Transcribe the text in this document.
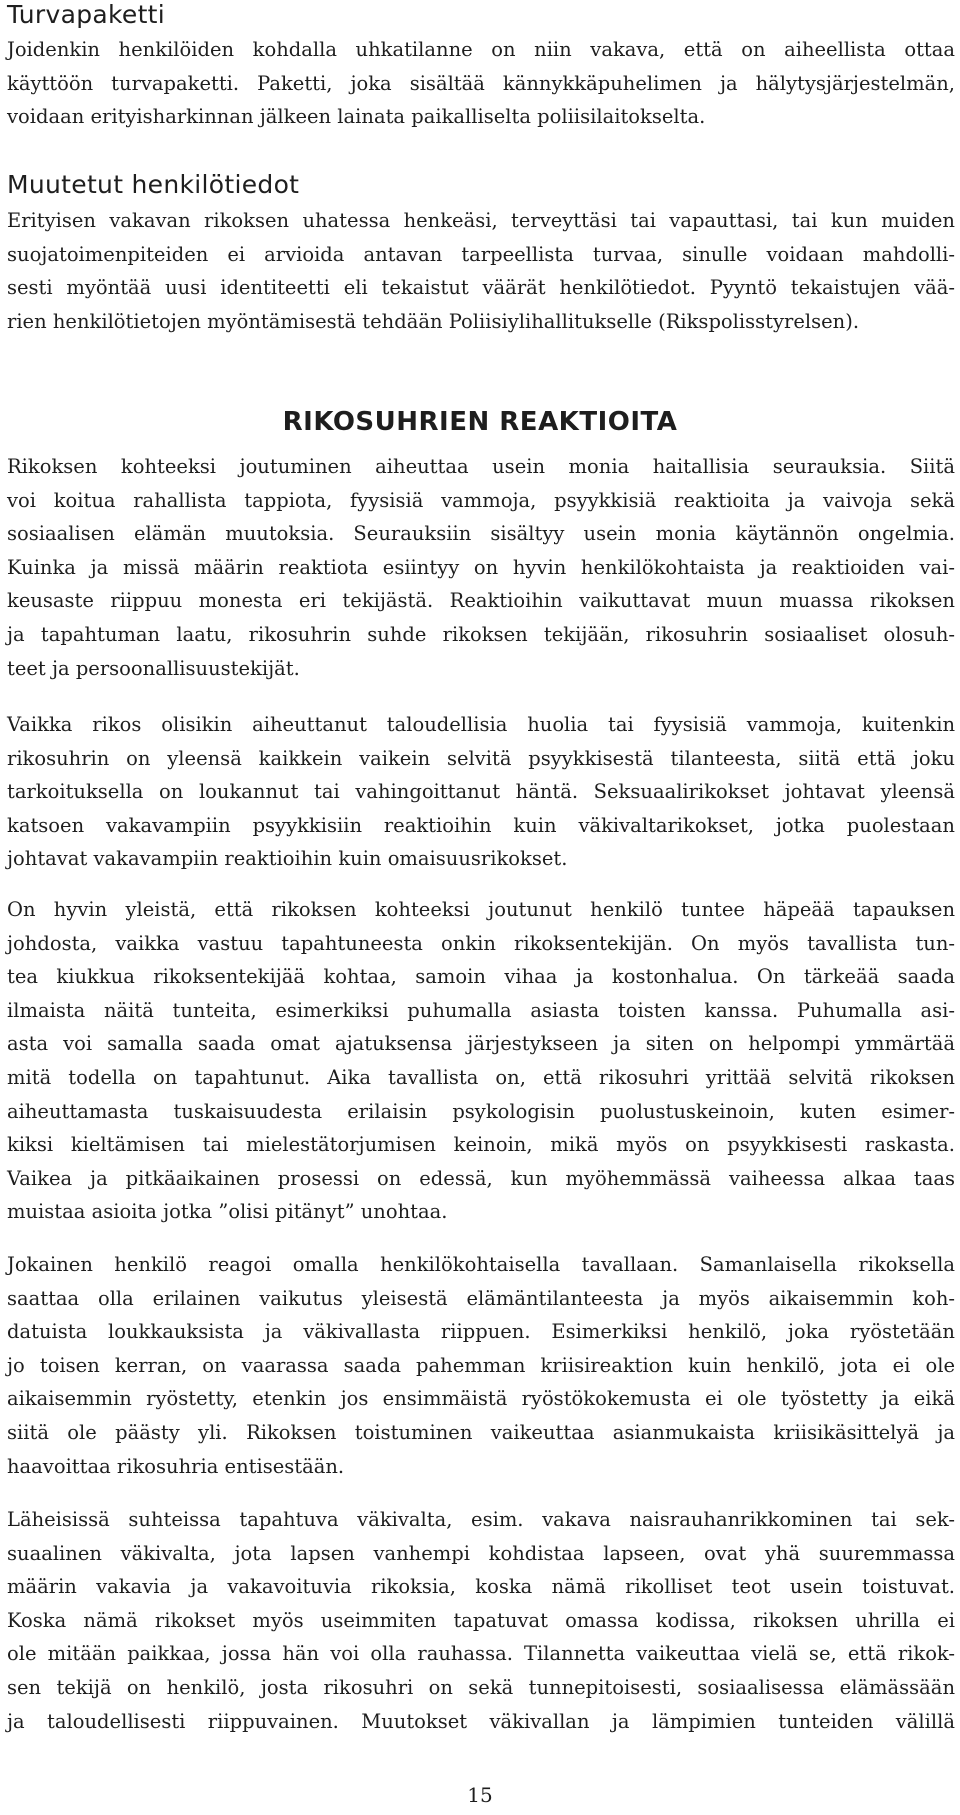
Turvapaketti

Joidenkin henkilöiden kohdalla uhkatilanne on niin vakava, että on aiheellista ottaa
käyttöön turvapaketti. Paketti, joka sisältää kännykkäpuhelimen ja hälytysjärjestelmän,
voidaan erityisharkinnan jälkeen lainata paikalliselta poliisilaitokselta.

Muutetut henkilötiedot

Erityisen vakavan rikoksen uhatessa henkeäsi, terveyttäsi tai vapauttasi, tai kun muiden
suojatoimenpiteiden ei arvioida antavan tarpeellista turvaa, sinulle voidaan mahdolli-
sesti myöntää uusi identiteetti eli tekaistut väärät henkilötiedot. Pyyntö tekaistujen vää-
rien henkilötietojen myöntämisestä tehdään Poliisiylihallitukselle (Rikspolisstyrelsen).

RIKOSUHRIEN REAKTIOITA

Rikoksen kohteeksi joutuminen aiheuttaa usein monia haitallisia seurauksia. Siitä
voi koitua rahallista tappiota, fyysisiä vammoja, psyykkisiä reaktioita ja vaivoja sekä
sosiaalisen elämän muutoksia. Seurauksiin sisältyy usein monia käytännön ongelmia.
Kuinka ja missä määrin reaktiota esiintyy on hyvin henkilökohtaista ja reaktioiden vai-
keusaste riippuu monesta eri tekijästä. Reaktioihin vaikuttavat muun muassa rikoksen
ja tapahtuman laatu, rikosuhrin suhde rikoksen tekijään, rikosuhrin sosiaaliset olosuh-
teet ja persoonallisuustekijät.

Vaikka rikos olisikin aiheuttanut taloudellisia huolia tai fyysisiä vammoja, kuitenkin
rikosuhrin on yleensä kaikkein vaikein selvitä psyykkisestä tilanteesta, siitä että joku
tarkoituksella on loukannut tai vahingoittanut häntä. Seksuaalirikokset johtavat yleensä
katsoen vakavampiin psyykkisiin reaktioihin kuin väkivaltarikokset, jotka puolestaan
johtavat vakavampiin reaktioihin kuin omaisuusrikokset.

On hyvin yleistä, että rikoksen kohteeksi joutunut henkilö tuntee häpeää tapauksen
johdosta, vaikka vastuu tapahtuneesta onkin rikoksentekijän. On myös tavallista tun-
tea kiukkua rikoksentekijää kohtaa, samoin vihaa ja kostonhalua. On tärkeää saada
ilmaista näitä tunteita, esimerkiksi puhumalla asiasta toisten kanssa. Puhumalla asi-
asta voi samalla saada omat ajatuksensa järjestykseen ja siten on helpompi ymmärtää
mitä todella on tapahtunut. Aika tavallista on, että rikosuhri yrittää selvitä rikoksen
aiheuttamasta tuskaisuudesta erilaisin psykologisin puolustuskeinoin, kuten esimer-
kiksi kieltämisen tai mielestätorjumisen keinoin, mikä myös on psyykkisesti raskasta.
Vaikea ja pitkäaikainen prosessi on edessä, kun myöhemmässä vaiheessa alkaa taas
muistaa asioita jotka ”olisi pitänyt” unohtaa.

Jokainen henkilö reagoi omalla henkilökohtaisella tavallaan. Samanlaisella rikoksella
saattaa olla erilainen vaikutus yleisestä elämäntilanteesta ja myös aikaisemmin koh-
datuista loukkauksista ja väkivallasta riippuen. Esimerkiksi henkilö, joka ryöstetään
jo toisen kerran, on vaarassa saada pahemman kriisireaktion kuin henkilö, jota ei ole
aikaisemmin ryöstetty, etenkin jos ensimmäistä ryöstökokemusta ei ole työstetty ja eikä
siitä ole päästy yli. Rikoksen toistuminen vaikeuttaa asianmukaista kriisikäsittelyä ja
haavoittaa rikosuhria entisestään.

Läheisissä suhteissa tapahtuva väkivalta, esim. vakava naisrauhanrikkominen tai sek-
suaalinen väkivalta, jota lapsen vanhempi kohdistaa lapseen, ovat yhä suuremmassa
määrin vakavia ja vakavoituvia rikoksia, koska nämä rikolliset teot usein toistuvat.
Koska nämä rikokset myös useimmiten tapatuvat omassa kodissa, rikoksen uhrilla ei
ole mitään paikkaa, jossa hän voi olla rauhassa. Tilannetta vaikeuttaa vielä se, että rikok-
sen tekijä on henkilö, josta rikosuhri on sekä tunnepitoisesti, sosiaalisessa elämässään
ja taloudellisesti riippuvainen. Muutokset väkivallan ja lämpimien tunteiden välillä

15
